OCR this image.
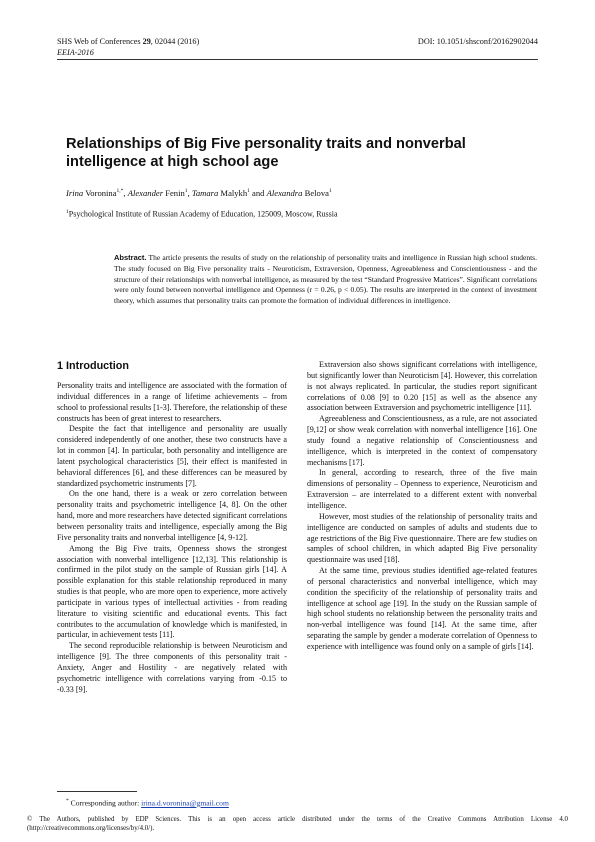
SHS Web of Conferences 29, 02044 (2016)
EEIA-2016
DOI: 10.1051/shsconf/20162902044
Relationships of Big Five personality traits and nonverbal intelligence at high school age
Irina Voronina$^{1,*}$, Alexander Fenin$^1$, Tamara Malykh$^1$ and Alexandra Belova$^1$
$^1$Psychological Institute of Russian Academy of Education, 125009, Moscow, Russia
Abstract. The article presents the results of study on the relationship of personality traits and intelligence in Russian high school students. The study focused on Big Five personality traits - Neuroticism, Extraversion, Openness, Agreeableness and Conscientiousness - and the structure of their relationships with nonverbal intelligence, as measured by the test “Standard Progressive Matrices”. Significant correlations were only found between nonverbal intelligence and Openness (r = 0.26, p < 0.05). The results are interpreted in the context of investment theory, which assumes that personality traits can promote the formation of individual differences in intelligence.
1 Introduction

Personality traits and intelligence are associated with the formation of individual differences in a range of lifetime achievements – from school to professional results [1-3]. Therefore, the relationship of these constructs has been of great interest to researchers.

Despite the fact that intelligence and personality are usually considered independently of one another, these two constructs have a lot in common [4]. In particular, both personality and intelligence are latent psychological characteristics [5], their effect is manifested in behavioral differences [6], and these differences can be measured by standardized psychometric instruments [7].

On the one hand, there is a weak or zero correlation between personality traits and psychometric intelligence [4, 8]. On the other hand, more and more researchers have detected significant correlations between personality traits and intelligence, especially among the Big Five personality traits and nonverbal intelligence [4, 9-12].

Among the Big Five traits, Openness shows the strongest association with nonverbal intelligence [12,13]. This relationship is confirmed in the pilot study on the sample of Russian girls [14]. A possible explanation for this stable relationship reproduced in many studies is that people, who are more open to experience, more actively participate in various types of intellectual activities - from reading literature to visiting scientific and educational events. This fact contributes to the accumulation of knowledge which is manifested, in particular, in achievement tests [11].

The second reproducible relationship is between Neuroticism and intelligence [9]. The three components of this personality trait - Anxiety, Anger and Hostility - are negatively related with psychometric intelligence with correlations varying from -0.15 to -0.33 [9].

Extraversion also shows significant correlations with intelligence, but significantly lower than Neuroticism [4]. However, this correlation is not always replicated. In particular, the studies report significant correlations of 0.08 [9] to 0.20 [15] as well as the absence any association between Extraversion and psychometric intelligence [11].

Agreeableness and Conscientiousness, as a rule, are not associated [9,12] or show weak correlation with nonverbal intelligence [16]. One study found a negative relationship of Conscientiousness and intelligence, which is interpreted in the context of compensatory mechanisms [17].

In general, according to research, three of the five main dimensions of personality – Openness to experience, Neuroticism and Extraversion – are interrelated to a different extent with nonverbal intelligence.

However, most studies of the relationship of personality traits and intelligence are conducted on samples of adults and students due to age restrictions of the Big Five questionnaire. There are few studies on samples of school children, in which adapted Big Five personality questionnaire was used [18].

At the same time, previous studies identified age-related features of personal characteristics and nonverbal intelligence, which may condition the specificity of the relationship of personality traits and intelligence at school age [19]. In the study on the Russian sample of high school students no relationship between the personality traits and non-verbal intelligence was found [14]. At the same time, after separating the sample by gender a moderate correlation of Openness to experience with intelligence was found only on a sample of girls [14].

* Corresponding author: irina.d.voronina@gmail.com
© The Authors, published by EDP Sciences. This is an open access article distributed under the terms of the Creative Commons Attribution License 4.0 (http://creativecommons.org/licenses/by/4.0/).
